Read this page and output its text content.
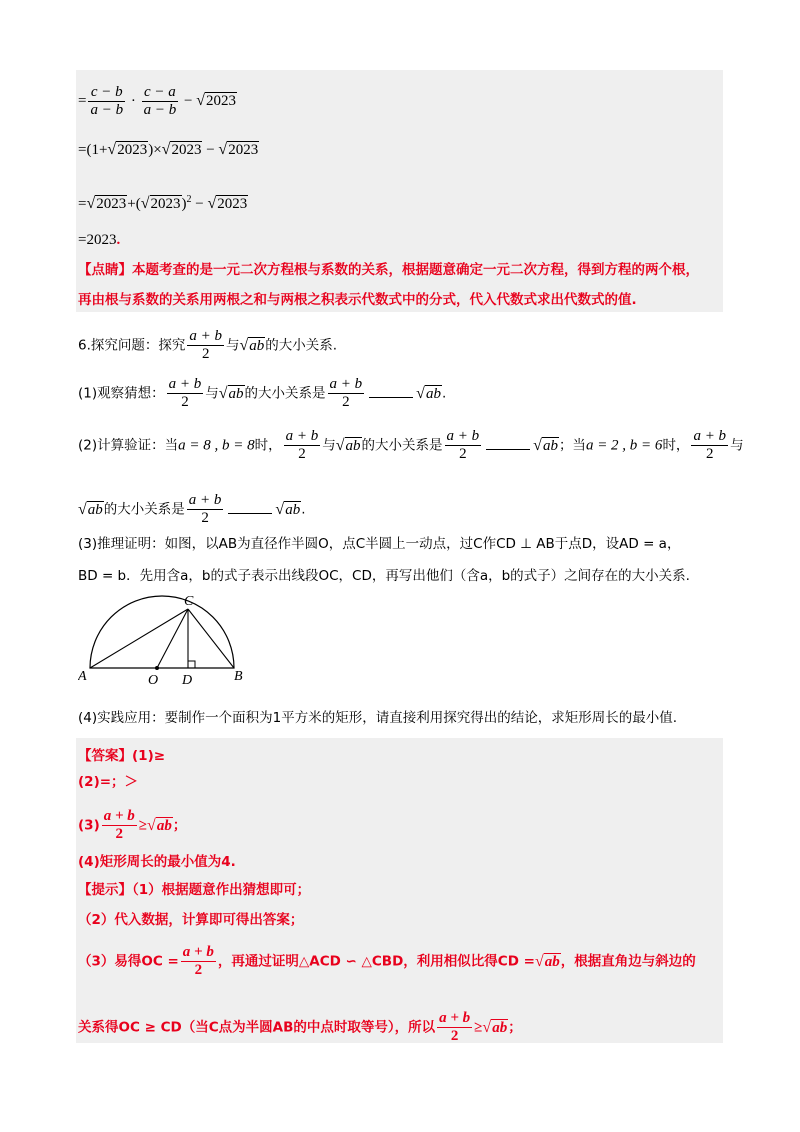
= $\frac{c - b}{a - b} \cdot \frac{c - a}{a - b} - √2023$
=(1+√2023)×√2023 − √2023
$=√2023+(√2023)^2 - √2023$
=2023.
【点睛】本题考查的是一元二次方程根与系数的关系，根据题意确定一元二次方程，得到方程的两个根，
再由根与系数的关系用两根之和与两根之积表示代数式中的分式，代入代数式求出代数式的值.
6.探究问题：探究 $\frac{a + b}{2}$ 与√ab的大小关系.
(1)观察猜想： $\frac{a + b}{2}$ 与√ab的大小关系是 $\frac{a + b}{2}$	√ab.
(2)计算验证：当a = 8 , b = 8时， $\frac{a + b}{2}$ 与√ab的大小关系是 $\frac{a + b}{2}$	√ab；当a = 2 , b = 6时， $\frac{a + b}{2}$ 与
√ab的大小关系是 $\frac{a + b}{2}$	√ab.
(3)推理证明：如图，以AB为直径作半圆O，点C半圆上一动点，过C作CD ⊥ AB于点D，设AD = a，
BD = b．先用含a，b的式子表示出线段OC，CD，再写出他们（含a，b的式子）之间存在的大小关系.
A	B
C
O D
(4)实践应用：要制作一个面积为1平方米的矩形，请直接利用探究得出的结论，求矩形周长的最小值.
【答案】(1)≥
(2)=；＞
$(3) \frac{a + b}{2} \ge√ab$；
(4)矩形周长的最小值为4.
【提示】（1）根据题意作出猜想即可；
（2）代入数据，计算即可得出答案；
（3）易得OC = $\frac{a + b}{2}$ ，再通过证明△ACD ∽ △CBD，利用相似比得CD =√ab，根据直角边与斜边的
关系得OC ≥ CD（当C点为半圆AB的中点时取等号），所以 $\frac{a + b}{2} \ge√ab$；
